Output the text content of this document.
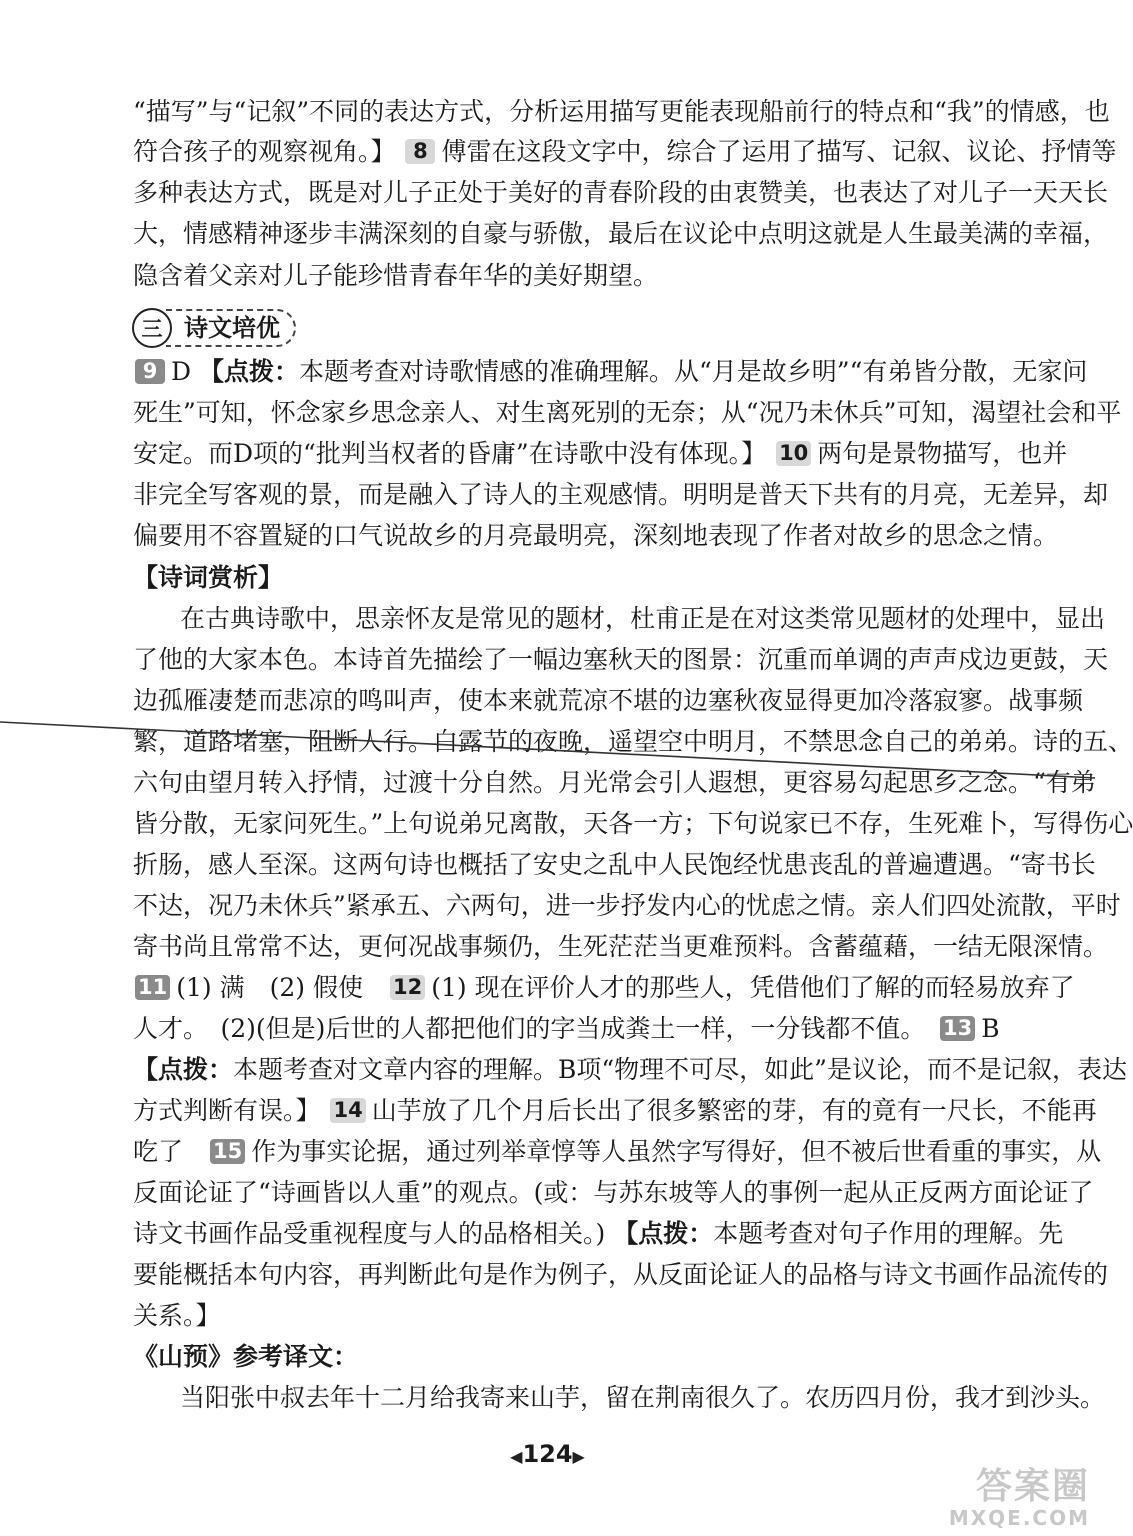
“描写”与“记叙”不同的表达方式，分析运用描写更能表现船前行的特点和“我”的情感，也
符合孩子的观察视角。】 8 傅雷在这段文字中，综合了运用了描写、记叙、议论、抒情等
多种表达方式，既是对儿子正处于美好的青春阶段的由衷赞美，也表达了对儿子一天天长
大，情感精神逐步丰满深刻的自豪与骄傲，最后在议论中点明这就是人生最美满的幸福，
隐含着父亲对儿子能珍惜青春年华的美好期望。
三 诗文培优
9 D 【点拨：本题考查对诗歌情感的准确理解。从“月是故乡明”“有弟皆分散，无家问
死生”可知，怀念家乡思念亲人、对生离死别的无奈；从“况乃未休兵”可知，渴望社会和平
安定。而D项的“批判当权者的昏庸”在诗歌中没有体现。】 10 两句是景物描写，也并
非完全写客观的景，而是融入了诗人的主观感情。明明是普天下共有的月亮，无差异，却
偏要用不容置疑的口气说故乡的月亮最明亮，深刻地表现了作者对故乡的思念之情。
【诗词赏析】
在古典诗歌中，思亲怀友是常见的题材，杜甫正是在对这类常见题材的处理中，显出
了他的大家本色。本诗首先描绘了一幅边塞秋天的图景：沉重而单调的声声戍边更鼓，天
边孤雁凄楚而悲凉的鸣叫声，使本来就荒凉不堪的边塞秋夜显得更加冷落寂寥。战事频
繁，道路堵塞，阻断人行。白露节的夜晚，遥望空中明月，不禁思念自己的弟弟。诗的五、
六句由望月转入抒情，过渡十分自然。月光常会引人遐想，更容易勾起思乡之念。“有弟
皆分散，无家问死生。”上句说弟兄离散，天各一方；下句说家已不存，生死难卜，写得伤心
折肠，感人至深。这两句诗也概括了安史之乱中人民饱经忧患丧乱的普遍遭遇。“寄书长
不达，况乃未休兵”紧承五、六两句，进一步抒发内心的忧虑之情。亲人们四处流散，平时
寄书尚且常常不达，更何况战事频仍，生死茫茫当更难预料。含蓄蕴藉，一结无限深情。
11 (1) 满　(2) 假使　 12 (1) 现在评价人才的那些人，凭借他们了解的而轻易放弃了
人才。　(2)(但是)后世的人都把他们的字当成粪土一样，一分钱都不值。　 13 B
【点拨：本题考查对文章内容的理解。B项“物理不可尽，如此”是议论，而不是记叙，表达
方式判断有误。】 14 山芋放了几个月后长出了很多繁密的芽，有的竟有一尺长，不能再
吃了　 15 作为事实论据，通过列举章惇等人虽然字写得好，但不被后世看重的事实，从
反面论证了“诗画皆以人重”的观点。(或：与苏东坡等人的事例一起从正反两方面论证了
诗文书画作品受重视程度与人的品格相关。) 【点拨：本题考查对句子作用的理解。先
要能概括本句内容，再判断此句是作为例子，从反面论证人的品格与诗文书画作品流传的
关系。】
《山预》参考译文：
当阳张中叔去年十二月给我寄来山芋，留在荆南很久了。农历四月份，我才到沙头。
◀124▶
答案圈
MXQE.COM
